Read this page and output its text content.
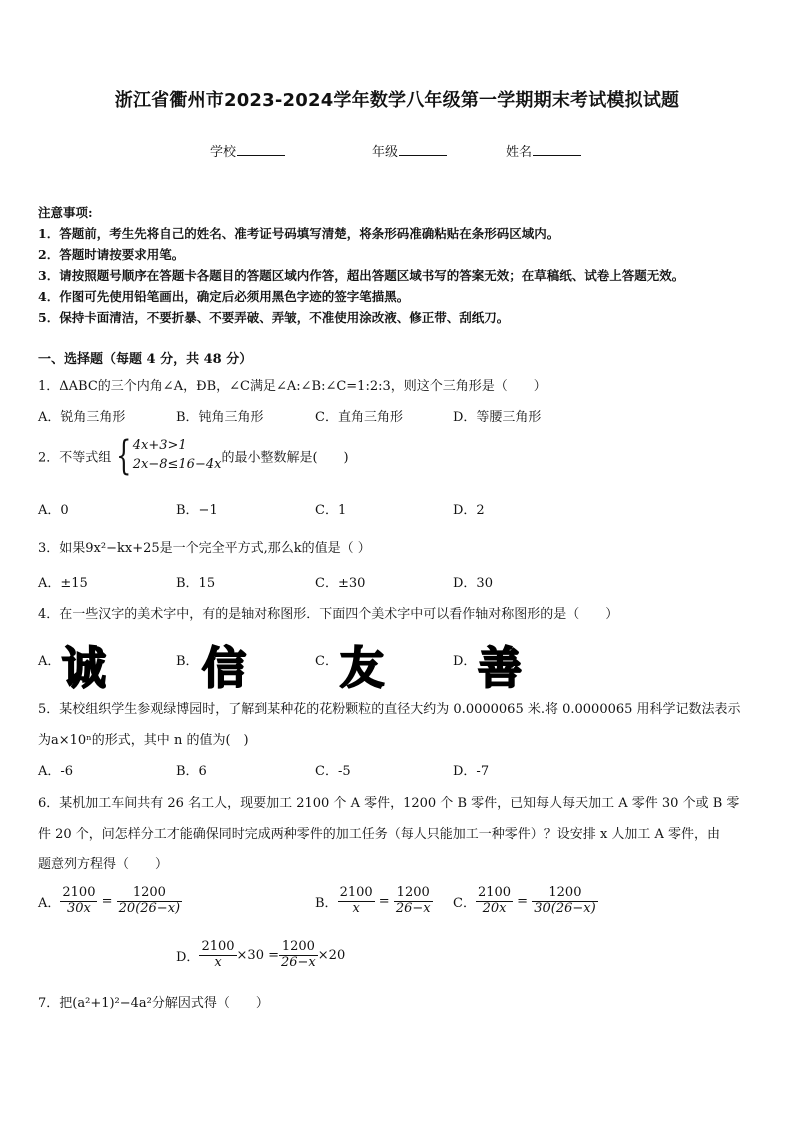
浙江省衢州市2023-2024学年数学八年级第一学期期末考试模拟试题
学校	年级	姓名
注意事项:
1．答题前，考生先将自己的姓名、准考证号码填写清楚，将条形码准确粘贴在条形码区域内。
2．答题时请按要求用笔。
3．请按照题号顺序在答题卡各题目的答题区域内作答，超出答题区域书写的答案无效；在草稿纸、试卷上答题无效。
4．作图可先使用铅笔画出，确定后必须用黑色字迹的签字笔描黑。
5．保持卡面清洁，不要折暴、不要弄破、弄皱，不准使用涂改液、修正带、刮纸刀。
一、选择题（每题 4 分，共 48 分）
1．ΔABC的三个内角∠A，ÐB，∠C满足∠A:∠B:∠C=1:2:3，则这个三角形是（　　）
A．锐角三角形	B．钝角三角形	C．直角三角形	D．等腰三角形
2．不等式组 { 4x+3>1
2x−8≤16−4x 的最小整数解是(　　)
A．0	B．−1	C．1	D．2
3．如果9x²−kx+25是一个完全平方式,那么k的值是（ ）
A．±15	B．15	C．±30	D．30
4．在一些汉字的美术字中，有的是轴对称图形．下面四个美术字中可以看作轴对称图形的是（　　）
A． 诚	B． 信	C． 友	D． 善
5．某校组织学生参观绿博园时，了解到某种花的花粉颗粒的直径大约为 0.0000065 米.将 0.0000065 用科学记数法表示
为a×10ⁿ的形式，其中 n 的值为(　)
A．-6	B．6	C．-5	D．-7
6．某机加工车间共有 26 名工人，现要加工 2100 个 A 零件，1200 个 B 零件，已知每人每天加工 A 零件 30 个或 B 零
件 20 个，问怎样分工才能确保同时完成两种零件的加工任务（每人只能加工一种零件）？设安排 x 人加工 A 零件，由
题意列方程得（　　）
A． $\frac{2100}{30x} = \frac{1200}{20(26-x)}$	B． $\frac{2100}{x} = \frac{1200}{26-x}$ C． $\frac{2100}{20x} = \frac{1200}{30(26-x)}$
D． $\frac{2100}{x} \times 30 = \frac{1200}{26-x} \times 20$
7．把(a²+1)²−4a²分解因式得（　　）
